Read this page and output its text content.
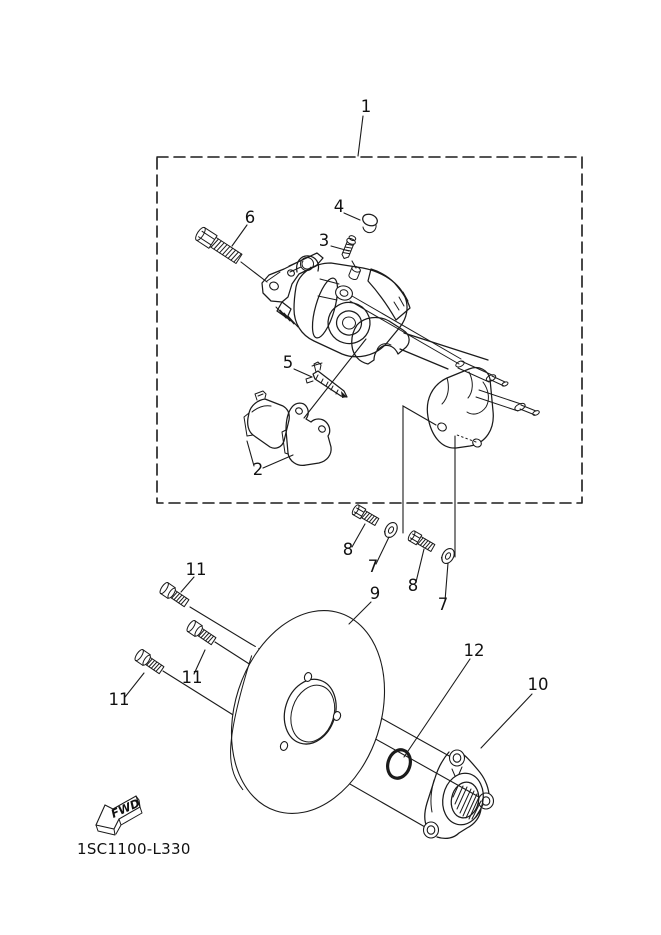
FWD
1SC1100-L330
1
2
3
4
5
6
7
7
8
8
9
10
11
11
11
12
